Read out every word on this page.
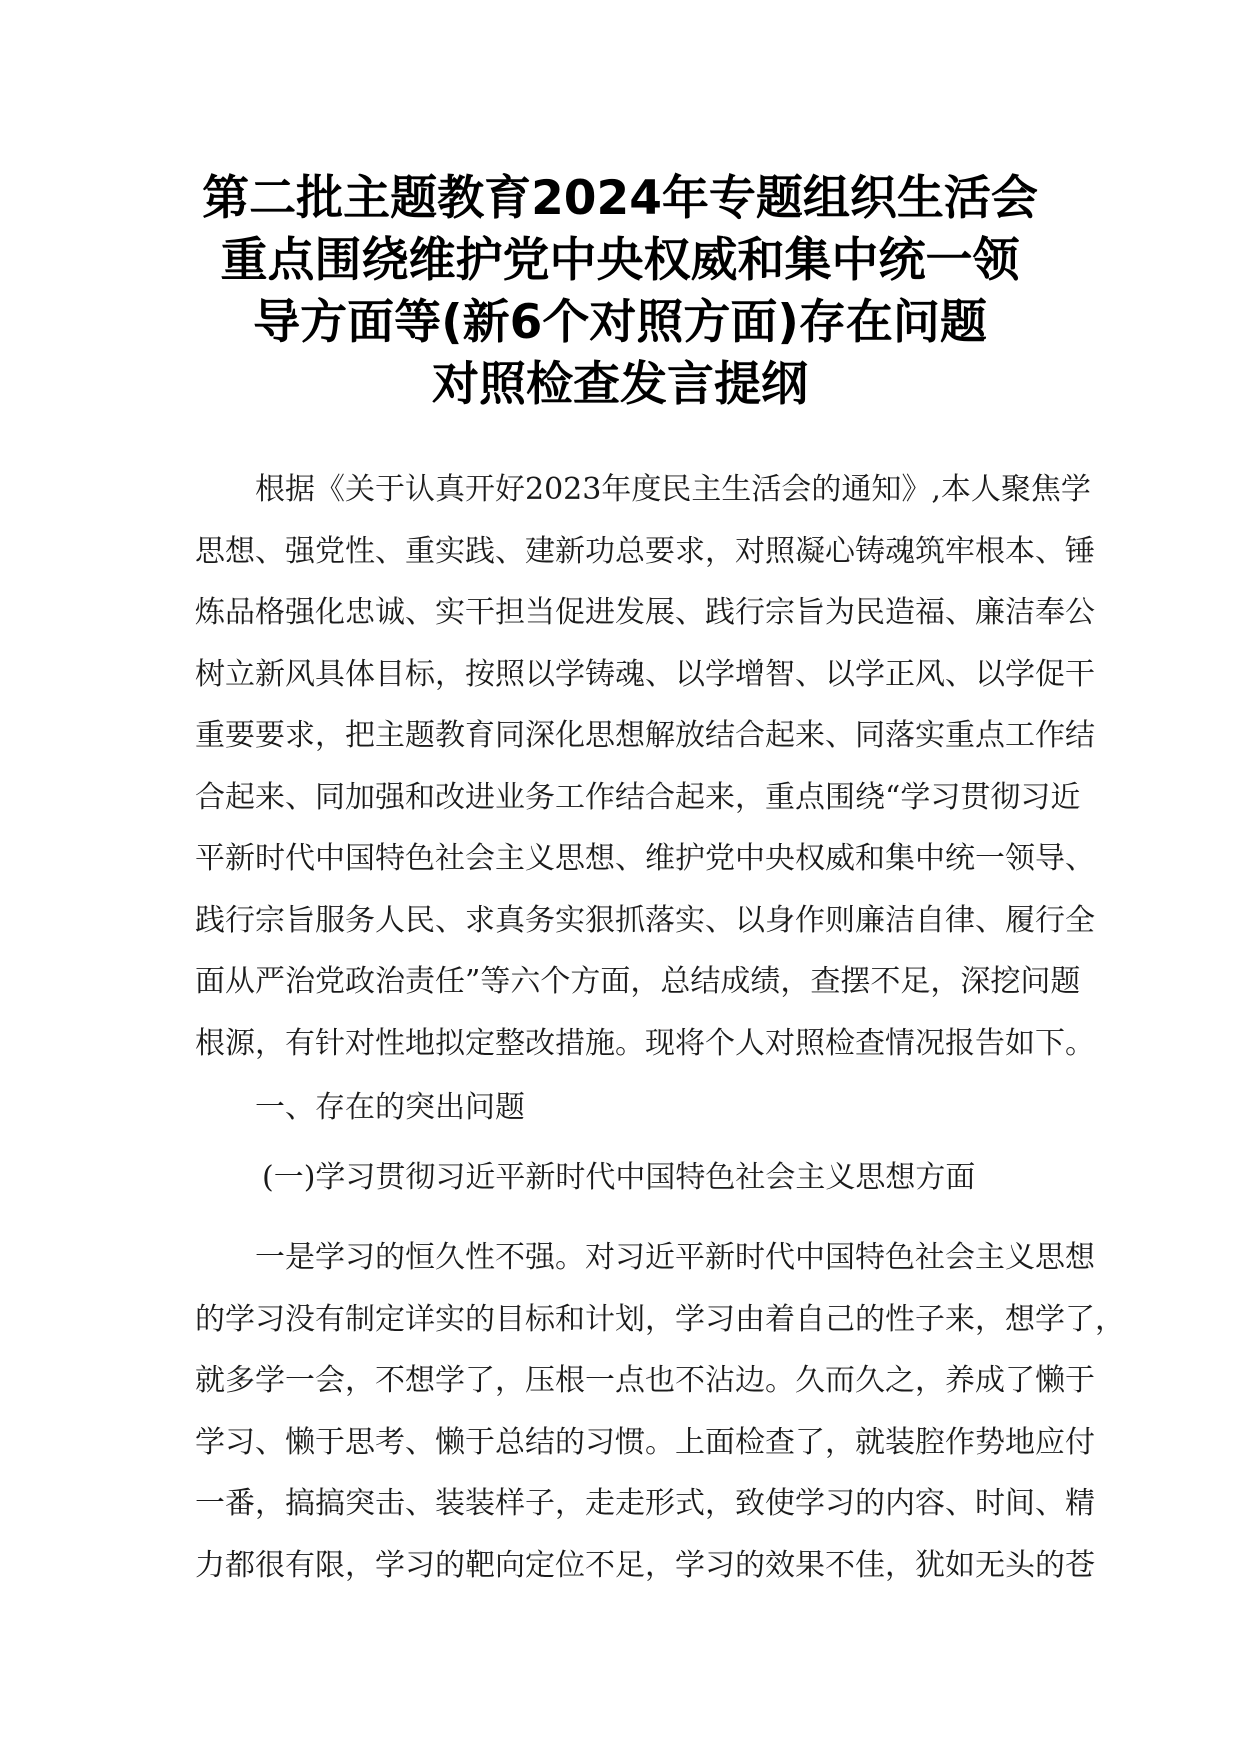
第二批主题教育2024年专题组织生活会
重点围绕维护党中央权威和集中统一领
导方面等(新6个对照方面)存在问题
对照检查发言提纲
根据《关于认真开好2023年度民主生活会的通知》,本人聚焦学
思想、强党性、重实践、建新功总要求，对照凝心铸魂筑牢根本、锤
炼品格强化忠诚、实干担当促进发展、践行宗旨为民造福、廉洁奉公
树立新风具体目标，按照以学铸魂、以学增智、以学正风、以学促干
重要要求，把主题教育同深化思想解放结合起来、同落实重点工作结
合起来、同加强和改进业务工作结合起来，重点围绕“学习贯彻习近
平新时代中国特色社会主义思想、维护党中央权威和集中统一领导、
践行宗旨服务人民、求真务实狠抓落实、以身作则廉洁自律、履行全
面从严治党政治责任”等六个方面，总结成绩，查摆不足，深挖问题
根源，有针对性地拟定整改措施。现将个人对照检查情况报告如下。
一、存在的突出问题
(一)学习贯彻习近平新时代中国特色社会主义思想方面
一是学习的恒久性不强。对习近平新时代中国特色社会主义思想
的学习没有制定详实的目标和计划，学习由着自己的性子来，想学了，
就多学一会，不想学了，压根一点也不沾边。久而久之，养成了懒于
学习、懒于思考、懒于总结的习惯。上面检查了，就装腔作势地应付
一番，搞搞突击、装装样子，走走形式，致使学习的内容、时间、精
力都很有限，学习的靶向定位不足，学习的效果不佳，犹如无头的苍
